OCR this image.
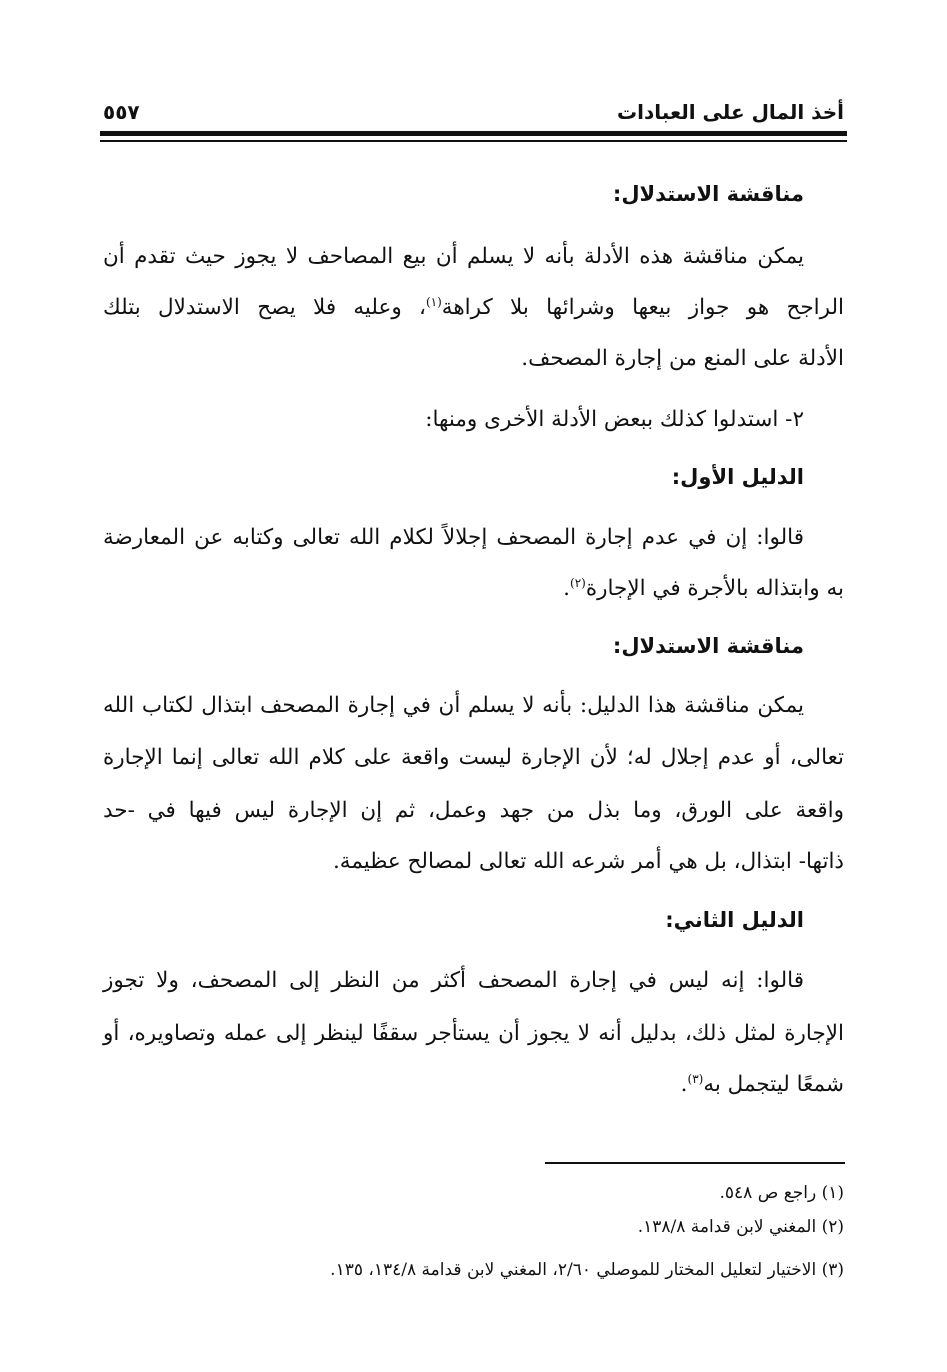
أخذ المال على العبادات
٥٥٧
مناقشة الاستدلال:
يمكن مناقشة هذه الأدلة بأنه لا يسلم أن بيع المصاحف لا يجوز حيث تقدم أن
الراجح هو جواز بيعها وشرائها بلا كراهة$^{(١)}$، وعليه فلا يصح الاستدلال بتلك
الأدلة على المنع من إجارة المصحف.
٢- استدلوا كذلك ببعض الأدلة الأخرى ومنها:
الدليل الأول:
قالوا: إن في عدم إجارة المصحف إجلالاً لكلام الله تعالى وكتابه عن المعارضة
به وابتذاله بالأجرة في الإجارة$^{(٢)}$.
مناقشة الاستدلال:
يمكن مناقشة هذا الدليل: بأنه لا يسلم أن في إجارة المصحف ابتذال لكتاب الله
تعالى، أو عدم إجلال له؛ لأن الإجارة ليست واقعة على كلام الله تعالى إنما الإجارة
واقعة على الورق، وما بذل من جهد وعمل، ثم إن الإجارة ليس فيها في -حد
ذاتها- ابتذال، بل هي أمر شرعه الله تعالى لمصالح عظيمة.
الدليل الثاني:
قالوا: إنه ليس في إجارة المصحف أكثر من النظر إلى المصحف، ولا تجوز
الإجارة لمثل ذلك، بدليل أنه لا يجوز أن يستأجر سقفًا لينظر إلى عمله وتصاويره، أو
شمعًا ليتجمل به$^{(٣)}$.
(١) راجع ص ٥٤٨.
(٢) المغني لابن قدامة ١٣٨/٨.
(٣) الاختيار لتعليل المختار للموصلي ٢/٦٠، المغني لابن قدامة ١٣٤/٨، ١٣٥.
